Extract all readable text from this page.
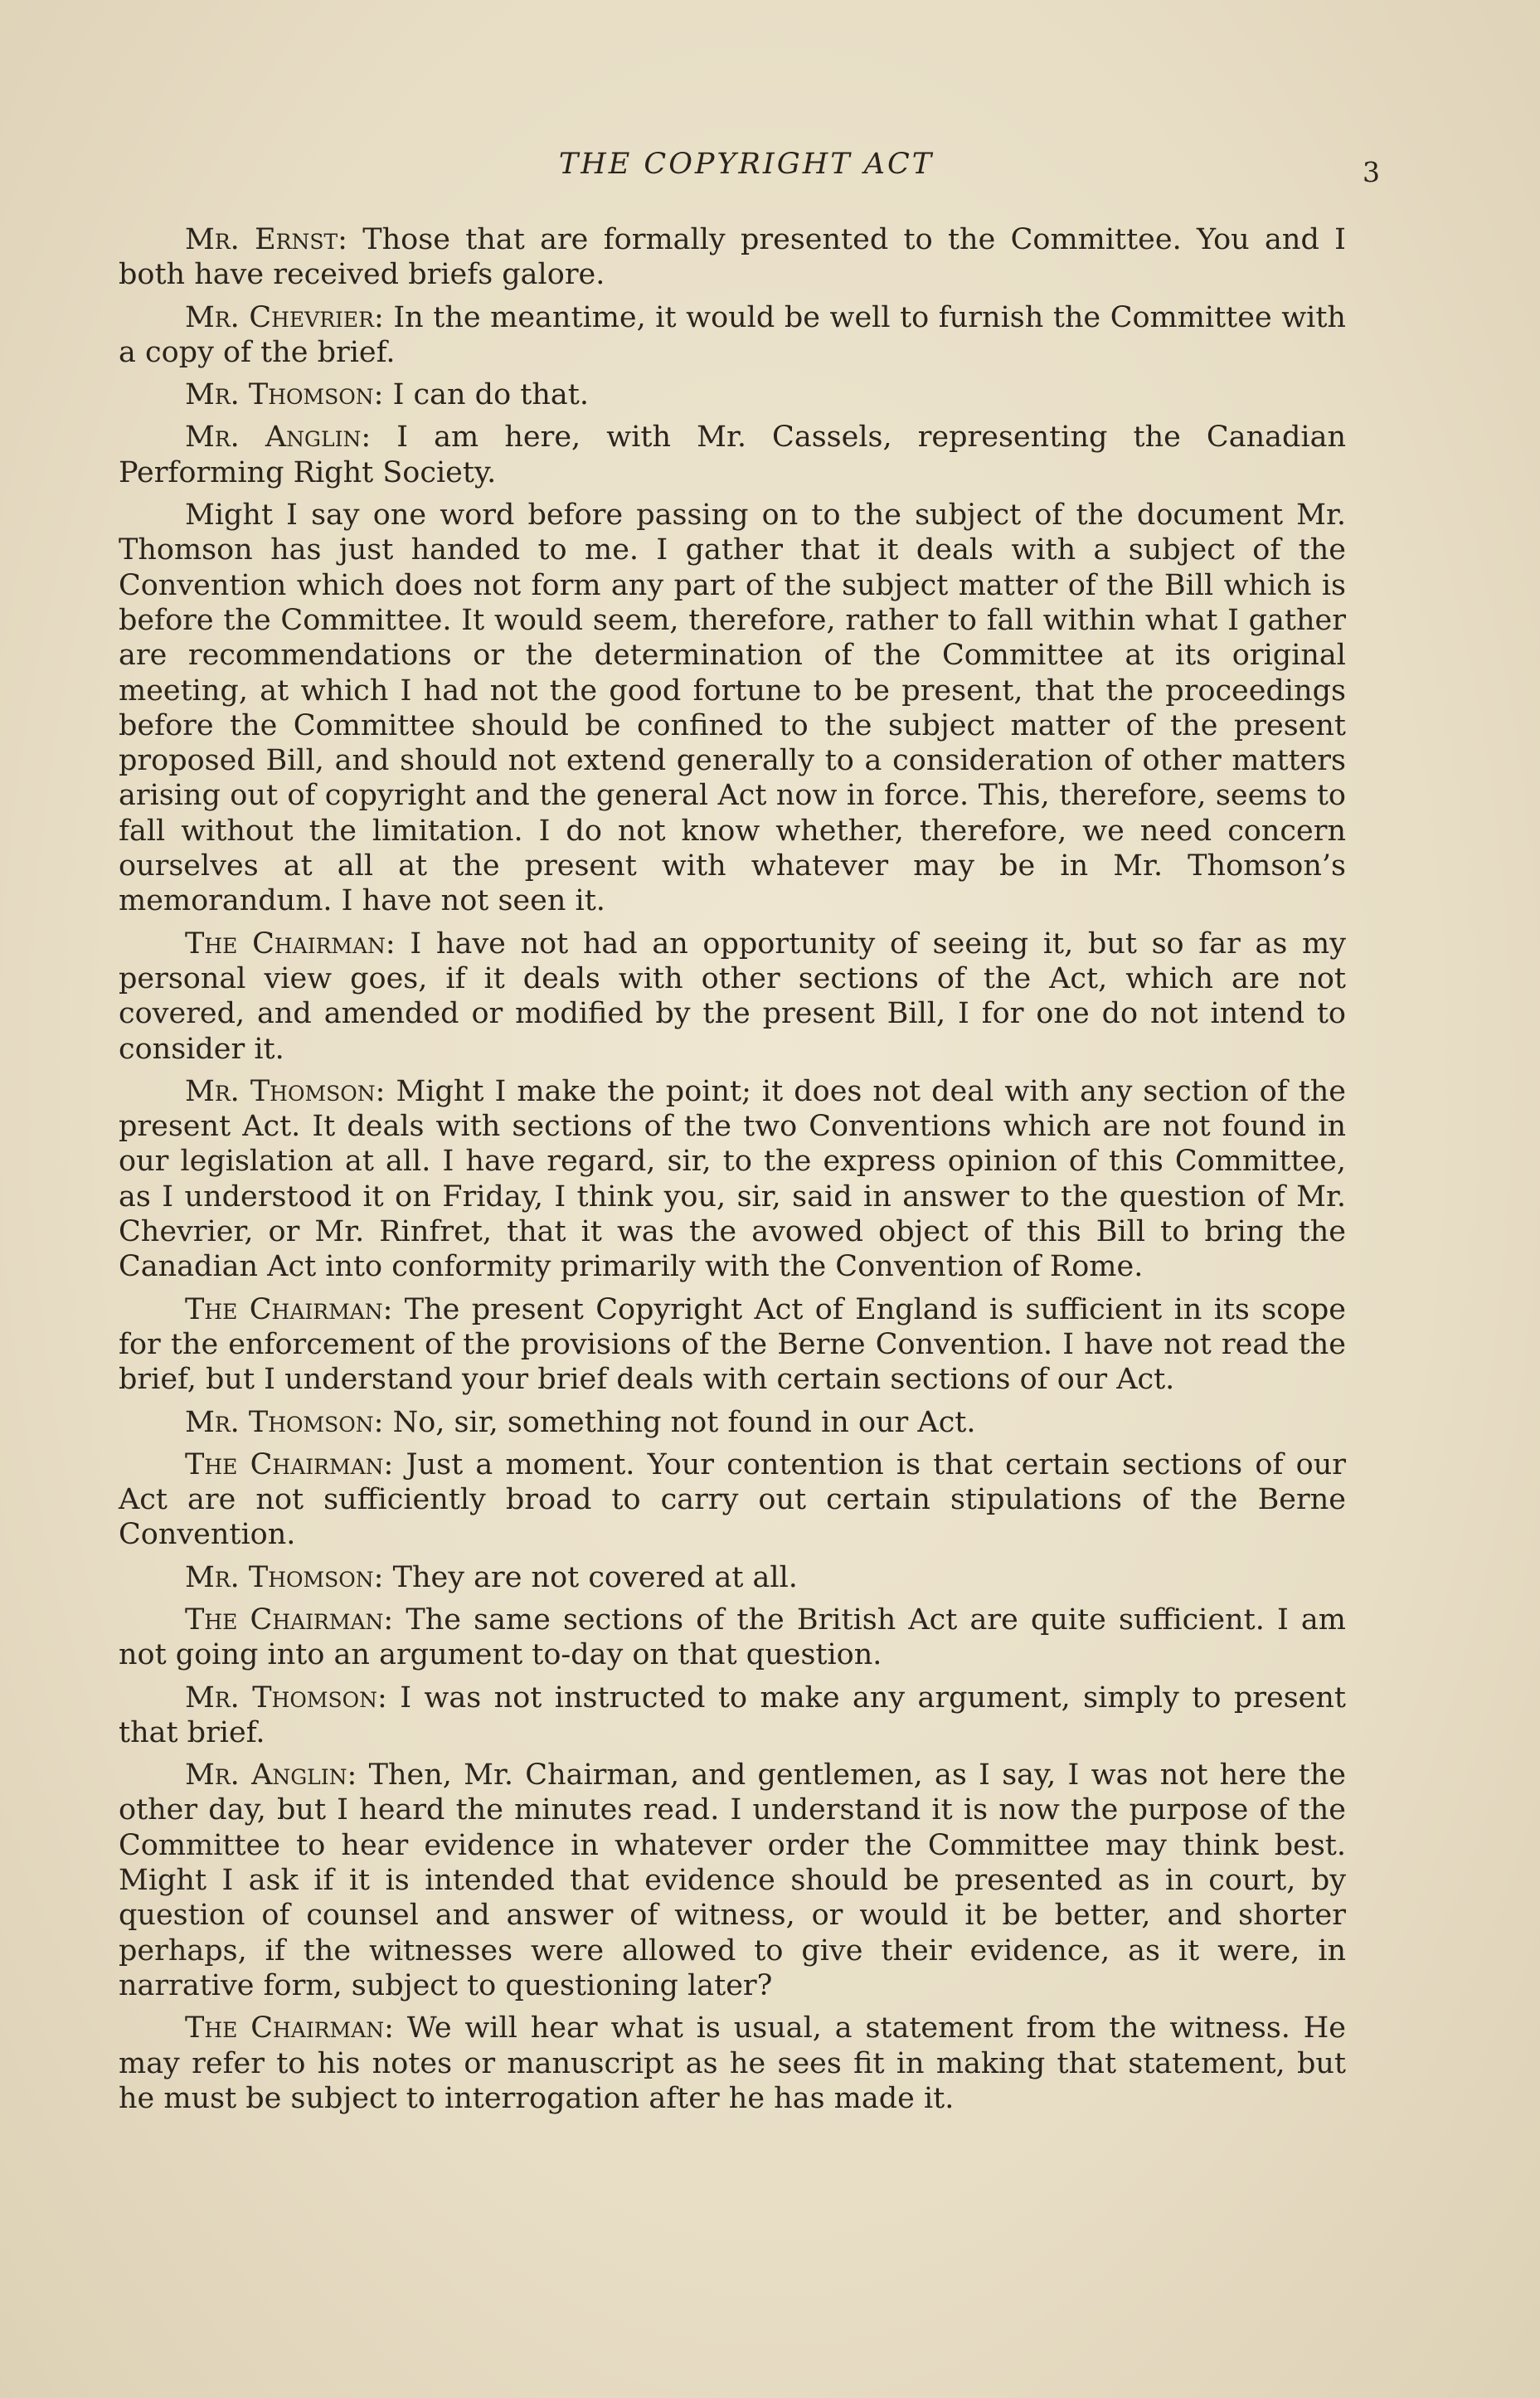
THE COPYRIGHT ACT	3

Mr. Ernst: Those that are formally presented to the Committee. You and I both have received briefs galore.

Mr. Chevrier: In the meantime, it would be well to furnish the Committee with a copy of the brief.

Mr. Thomson: I can do that.

Mr. Anglin: I am here, with Mr. Cassels, representing the Canadian Performing Right Society.

Might I say one word before passing on to the subject of the document Mr. Thomson has just handed to me. I gather that it deals with a subject of the Convention which does not form any part of the subject matter of the Bill which is before the Committee. It would seem, therefore, rather to fall within what I gather are recommendations or the determination of the Committee at its original meeting, at which I had not the good fortune to be present, that the proceedings before the Committee should be confined to the subject matter of the present proposed Bill, and should not extend generally to a consideration of other matters arising out of copyright and the general Act now in force. This, therefore, seems to fall without the limitation. I do not know whether, therefore, we need concern ourselves at all at the present with whatever may be in Mr. Thomson’s memorandum. I have not seen it.

The Chairman: I have not had an opportunity of seeing it, but so far as my personal view goes, if it deals with other sections of the Act, which are not covered, and amended or modified by the present Bill, I for one do not intend to consider it.

Mr. Thomson: Might I make the point; it does not deal with any section of the present Act. It deals with sections of the two Conventions which are not found in our legislation at all. I have regard, sir, to the express opinion of this Committee, as I understood it on Friday, I think you, sir, said in answer to the question of Mr. Chevrier, or Mr. Rinfret, that it was the avowed object of this Bill to bring the Canadian Act into conformity primarily with the Convention of Rome.

The Chairman: The present Copyright Act of England is sufficient in its scope for the enforcement of the provisions of the Berne Convention. I have not read the brief, but I understand your brief deals with certain sections of our Act.

Mr. Thomson: No, sir, something not found in our Act.

The Chairman: Just a moment. Your contention is that certain sections of our Act are not sufficiently broad to carry out certain stipulations of the Berne Convention.

Mr. Thomson: They are not covered at all.

The Chairman: The same sections of the British Act are quite sufficient. I am not going into an argument to-day on that question.

Mr. Thomson: I was not instructed to make any argument, simply to present that brief.

Mr. Anglin: Then, Mr. Chairman, and gentlemen, as I say, I was not here the other day, but I heard the minutes read. I understand it is now the purpose of the Committee to hear evidence in whatever order the Committee may think best. Might I ask if it is intended that evidence should be presented as in court, by question of counsel and answer of witness, or would it be better, and shorter perhaps, if the witnesses were allowed to give their evidence, as it were, in narrative form, subject to questioning later?

The Chairman: We will hear what is usual, a statement from the witness. He may refer to his notes or manuscript as he sees fit in making that statement, but he must be subject to interrogation after he has made it.
